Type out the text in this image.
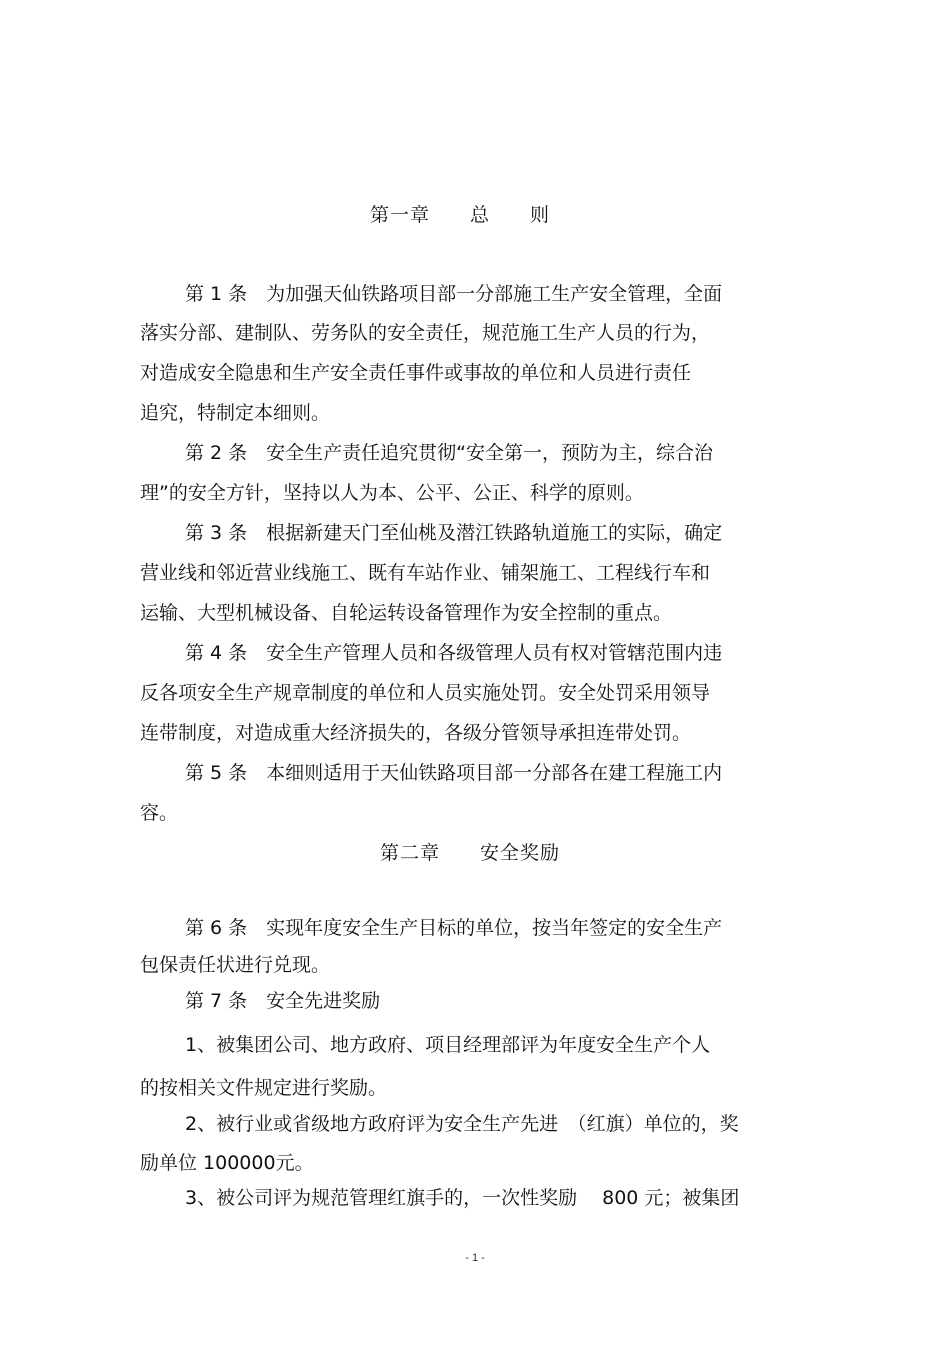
第一章　　总　　则
第 1 条　为加强天仙铁路项目部一分部施工生产安全管理，全面
落实分部、建制队、劳务队的安全责任，规范施工生产人员的行为，
对造成安全隐患和生产安全责任事件或事故的单位和人员进行责任
追究，特制定本细则。
第 2 条　安全生产责任追究贯彻“安全第一，预防为主，综合治
理”的安全方针，坚持以人为本、公平、公正、科学的原则。
第 3 条　根据新建天门至仙桃及潜江铁路轨道施工的实际，确定
营业线和邻近营业线施工、既有车站作业、铺架施工、工程线行车和
运输、大型机械设备、自轮运转设备管理作为安全控制的重点。
第 4 条　安全生产管理人员和各级管理人员有权对管辖范围内违
反各项安全生产规章制度的单位和人员实施处罚。安全处罚采用领导
连带制度，对造成重大经济损失的，各级分管领导承担连带处罚。
第 5 条　本细则适用于天仙铁路项目部一分部各在建工程施工内
容。
第二章　　安全奖励
第 6 条　实现年度安全生产目标的单位，按当年签定的安全生产
包保责任状进行兑现。
第 7 条　安全先进奖励
1、被集团公司、地方政府、项目经理部评为年度安全生产个人
的按相关文件规定进行奖励。
2、被行业或省级地方政府评为安全生产先进　（红旗）单位的，奖
励单位 100000元。
3、被公司评为规范管理红旗手的，一次性奖励　 800 元；被集团
- 1 -
